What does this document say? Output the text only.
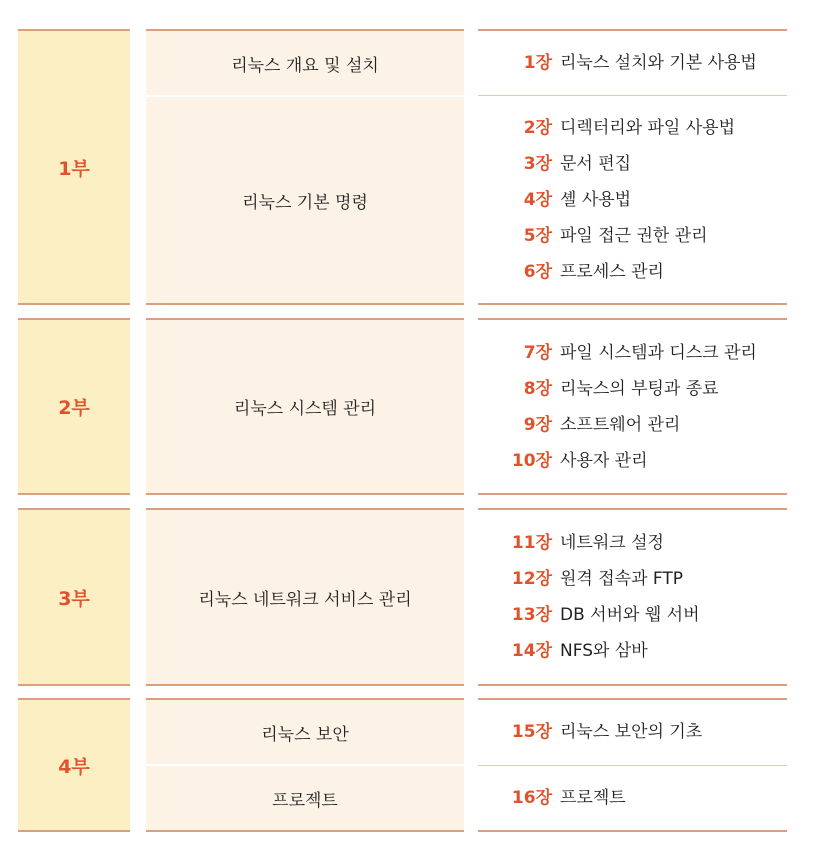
1부
리눅스 개요 및 설치
리눅스 기본 명령
1장 리눅스 설치와 기본 사용법
2장 디렉터리와 파일 사용법
3장 문서 편집
4장 셸 사용법
5장 파일 접근 권한 관리
6장 프로세스 관리
2부	리눅스 시스템 관리
7장 파일 시스템과 디스크 관리
8장 리눅스의 부팅과 종료
9장 소프트웨어 관리
10장 사용자 관리
3부	리눅스 네트워크 서비스 관리
11장 네트워크 설정
12장 원격 접속과 FTP
13장 DB 서버와 웹 서버
14장 NFS와 삼바
4부
리눅스 보안
프로젝트
15장 리눅스 보안의 기초
16장 프로젝트
